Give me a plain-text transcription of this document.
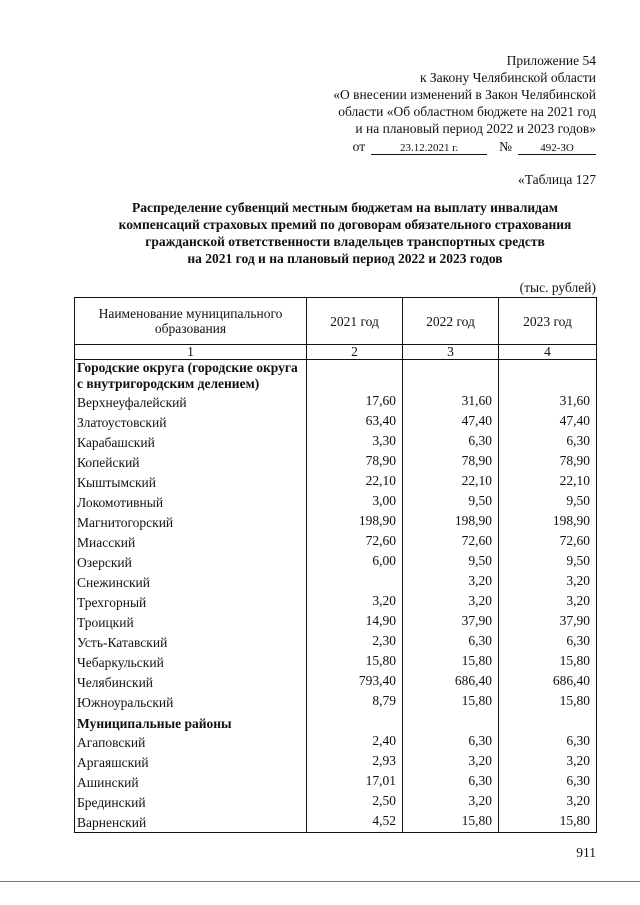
Приложение 54
к Закону Челябинской области
«О внесении изменений в Закон Челябинской
области «Об областном бюджете на 2021 год
и на плановый период 2022 и 2023 годов»
от	23.12.2021 г.	№	492-ЗО
«Таблица 127
Распределение субвенций местным бюджетам на выплату инвалидам
компенсаций страховых премий по договорам обязательного страхования
гражданской ответственности владельцев транспортных средств
на 2021 год и на плановый период 2022 и 2023 годов
(тыс. рублей)
Наименование муниципального образования	2021 год	2022 год	2023 год
1	2	3	4
Городские округа (городские округа с внутригородским делением)			
Верхнеуфалейский	17,60	31,60	31,60
Златоустовский	63,40	47,40	47,40
Карабашский	3,30	6,30	6,30
Копейский	78,90	78,90	78,90
Кыштымский	22,10	22,10	22,10
Локомотивный	3,00	9,50	9,50
Магнитогорский	198,90	198,90	198,90
Миасский	72,60	72,60	72,60
Озерский	6,00	9,50	9,50
Снежинский		3,20	3,20
Трехгорный	3,20	3,20	3,20
Троицкий	14,90	37,90	37,90
Усть-Катавский	2,30	6,30	6,30
Чебаркульский	15,80	15,80	15,80
Челябинский	793,40	686,40	686,40
Южноуральский	8,79	15,80	15,80
Муниципальные районы			
Агаповский	2,40	6,30	6,30
Аргаяшский	2,93	3,20	3,20
Ашинский	17,01	6,30	6,30
Брединский	2,50	3,20	3,20
Варненский	4,52	15,80	15,80
911
